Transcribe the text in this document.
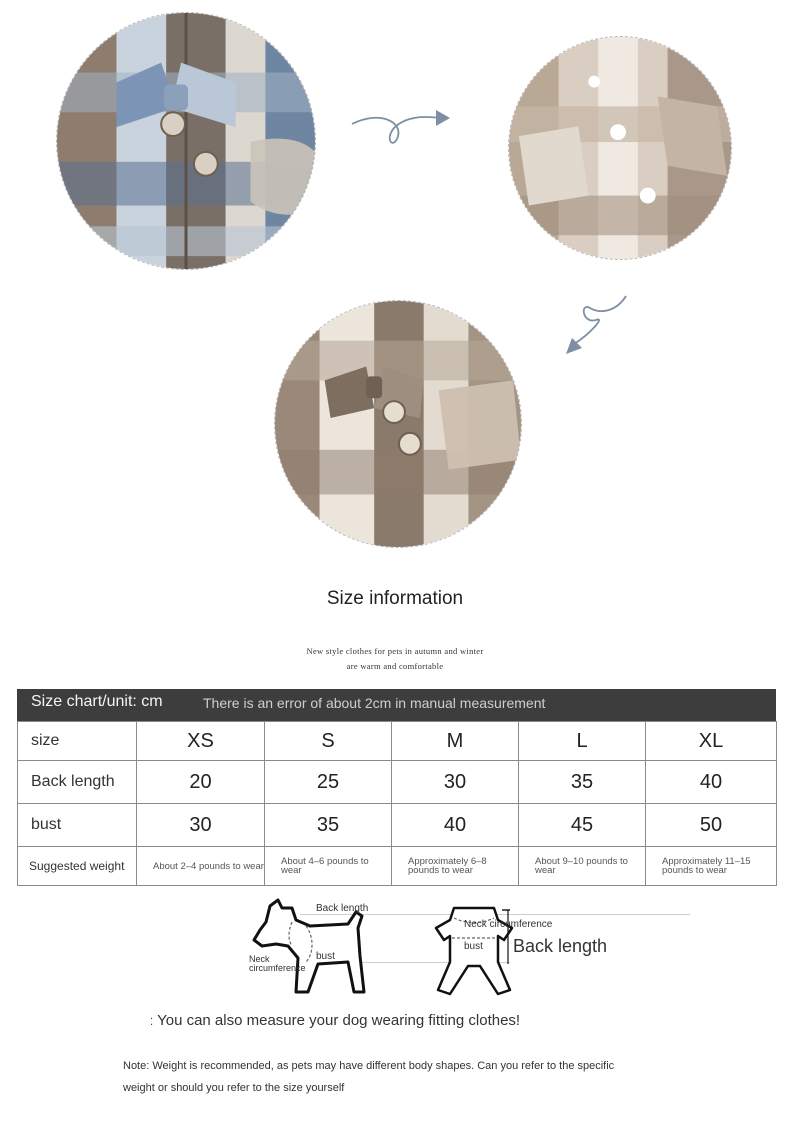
Size information
New style clothes for pets in autumn and winter
are warm and comfortable
Size chart/unit: cm	There is an error of about 2cm in manual measurement
size	XS	S	M	L	XL
Back length	20	25	30	35	40
bust	30	35	40	45	50
Suggested weight	About 2–4 pounds to wear	About 4–6 pounds to wear	Approximately 6–8 pounds to wear	About 9–10 pounds to wear	Approximately 11–15 pounds to wear
Back length
Neck circumference
bust
Neck circumference
bust Back length
⁚ You can also measure your dog wearing fitting clothes!
Note: Weight is recommended, as pets may have different body shapes. Can you refer to the specific
weight or should you refer to the size yourself
